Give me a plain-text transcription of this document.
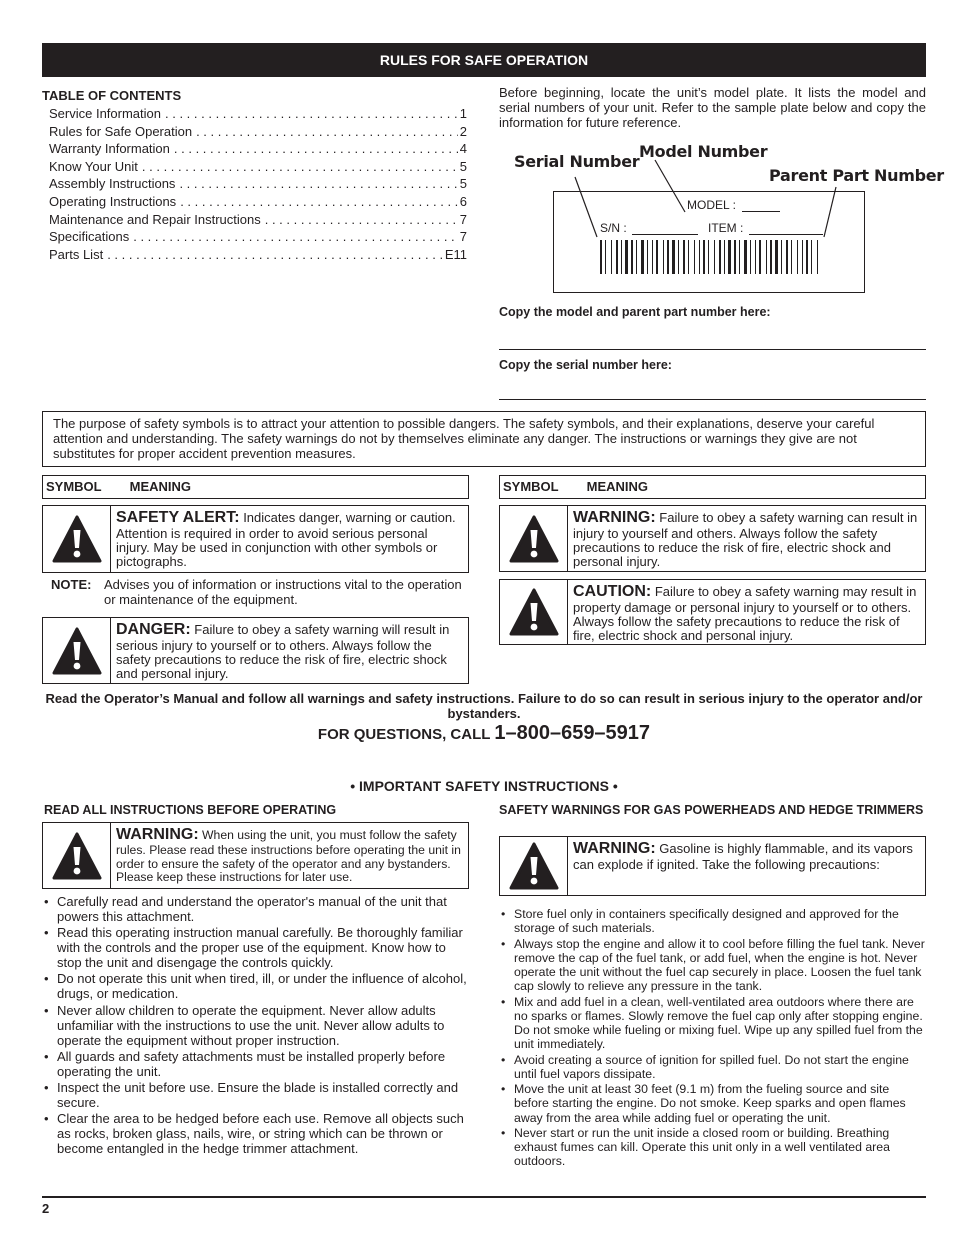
RULES FOR SAFE OPERATION
TABLE OF CONTENTS
Service Information . . .	1
Rules for Safe Operation . . .	2
Warranty Information . . .	4
Know Your Unit . . .	5
Assembly Instructions . . .	5
Operating Instructions . . .	6
Maintenance and Repair Instructions . . .	7
Specifications . . .	7
Parts List . . .	E11
Before beginning, locate the unit’s model plate. It lists the model and serial numbers of your unit. Refer to the sample plate below and copy the information for future reference.
Serial Number
Model Number
Parent Part Number
MODEL :
S/N :	ITEM :
Copy the model and parent part number here:
Copy the serial number here:
The purpose of safety symbols is to attract your attention to possible dangers. The safety symbols, and their explanations, deserve your careful attention and understanding. The safety warnings do not by themselves eliminate any danger. The instructions or warnings they give are not substitutes for proper accident prevention measures.
SYMBOL MEANING
SAFETY ALERT: Indicates danger, warning or caution. Attention is required in order to avoid serious personal injury. May be used in conjunction with other symbols or pictographs.
NOTE: Advises you of information or instructions vital to the operation or maintenance of the equipment.
DANGER: Failure to obey a safety warning will result in serious injury to yourself or to others. Always follow the safety precautions to reduce the risk of fire, electric shock and personal injury.
SYMBOL MEANING
WARNING: Failure to obey a safety warning can result in injury to yourself and others. Always follow the safety precautions to reduce the risk of fire, electric shock and personal injury.
CAUTION: Failure to obey a safety warning may result in property damage or personal injury to yourself or to others. Always follow the safety precautions to reduce the risk of fire, electric shock and personal injury.
Read the Operator’s Manual and follow all warnings and safety instructions. Failure to do so can result in serious injury to the operator and/or bystanders.
FOR QUESTIONS, CALL 1–800–659–5917
• IMPORTANT SAFETY INSTRUCTIONS •
READ ALL INSTRUCTIONS BEFORE OPERATING
WARNING: When using the unit, you must follow the safety rules. Please read these instructions before operating the unit in order to ensure the safety of the operator and any bystanders. Please keep these instructions for later use.
• Carefully read and understand the operator's manual of the unit that powers this attachment.
• Read this operating instruction manual carefully. Be thoroughly familiar with the controls and the proper use of the equipment. Know how to stop the unit and disengage the controls quickly.
• Do not operate this unit when tired, ill, or under the influence of alcohol, drugs, or medication.
• Never allow children to operate the equipment. Never allow adults unfamiliar with the instructions to use the unit. Never allow adults to operate the equipment without proper instruction.
• All guards and safety attachments must be installed properly before operating the unit.
• Inspect the unit before use. Ensure the blade is installed correctly and secure.
• Clear the area to be hedged before each use. Remove all objects such as rocks, broken glass, nails, wire, or string which can be thrown or become entangled in the hedge trimmer attachment.
SAFETY WARNINGS FOR GAS POWERHEADS AND HEDGE TRIMMERS
WARNING: Gasoline is highly flammable, and its vapors can explode if ignited. Take the following precautions:
• Store fuel only in containers specifically designed and approved for the storage of such materials.
• Always stop the engine and allow it to cool before filling the fuel tank. Never remove the cap of the fuel tank, or add fuel, when the engine is hot. Never operate the unit without the fuel cap securely in place. Loosen the fuel tank cap slowly to relieve any pressure in the tank.
• Mix and add fuel in a clean, well-ventilated area outdoors where there are no sparks or flames. Slowly remove the fuel cap only after stopping engine. Do not smoke while fueling or mixing fuel. Wipe up any spilled fuel from the unit immediately.
• Avoid creating a source of ignition for spilled fuel. Do not start the engine until fuel vapors dissipate.
• Move the unit at least 30 feet (9.1 m) from the fueling source and site before starting the engine. Do not smoke. Keep sparks and open flames away from the area while adding fuel or operating the unit.
• Never start or run the unit inside a closed room or building. Breathing exhaust fumes can kill. Operate this unit only in a well ventilated area outdoors.
2
